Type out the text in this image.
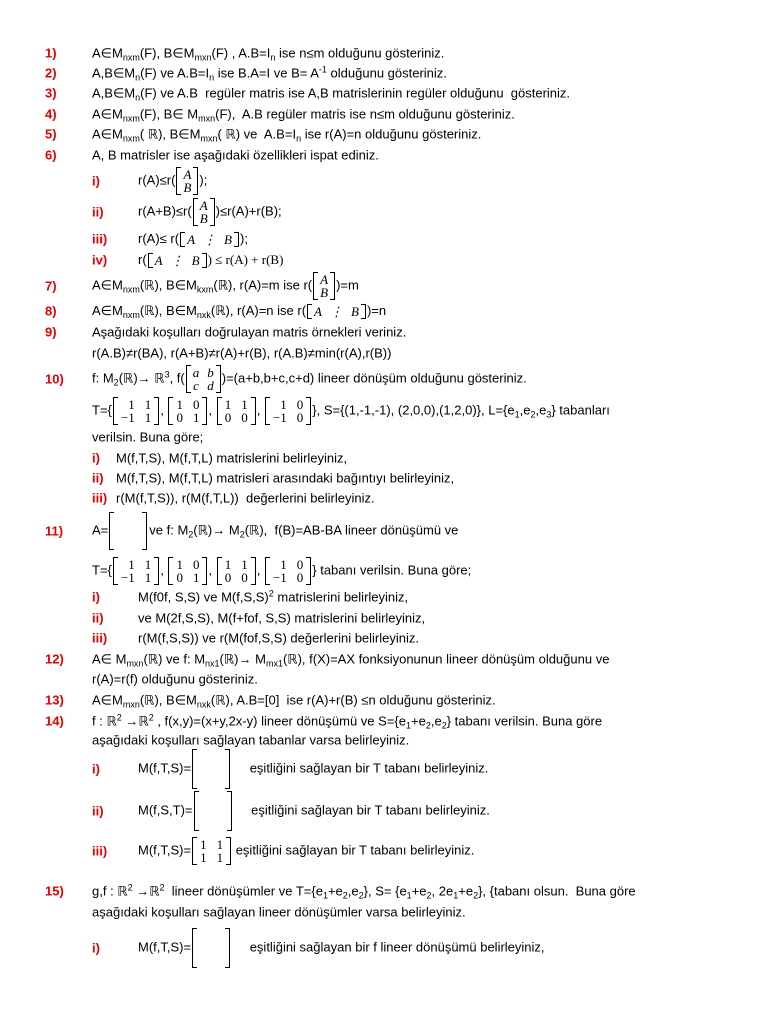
1)	$A\in M_{nxm}(F)$, $B\in M_{mxn}(F)$ , $A.B=I_n$ ise n≤m olduğunu gösteriniz.
2)	$A,B\in M_n(F)$ ve $A.B=I_n$ ise B.A=I ve $B= A^{-1}$ olduğunu gösteriniz.
3)	$A,B\in M_n(F)$ ve A.B  regüler matris ise A,B matrislerinin regüler olduğunu  gösteriniz.
4)	$A\in M_{nxm}(F)$, B∈ $M_{mxn}(F)$,  A.B regüler matris ise n≤m olduğunu gösteriniz.
5)	$A\in M_{nxm}$( ℝ), $B\in M_{mxn}$( ℝ) ve  $A.B=I_n$ ise r(A)=n olduğunu gösteriniz.
6)	A, B matrisler ise aşağıdaki özellikleri ispat ediniz.
i)	r(A)≤r( A
B
);
ii)	r(A+B)≤r( A
B
)≤r(A)+r(B);
iii) r(A)≤ r( A	⋮	B );
iv) r( A	⋮	B ) ≤ r(A) + r(B)
7)	$A\in M_{nxm}(ℝ)$, $B\in M_{kxm}(ℝ)$, r(A)=m ise r( A
B
)=m
8)	$A\in M_{nxm}(ℝ)$, $B\in M_{nxk}(ℝ)$, r(A)=n ise r( A	⋮	B )=n
9)	Aşağıdaki koşulları doğrulayan matris örnekleri veriniz.
r(A.B)≠r(BA), r(A+B)≠r(A)+r(B), r(A.B)≠min(r(A),r(B))
10) f: $M_2(ℝ)\to$ ℝ$^3$, f( a	b
c	d
)=(a+b,b+c,c+d) lineer dönüşüm olduğunu gösteriniz.
T={ 1	1
−1	1
, 1	0
0	1
, 1	1
0	0
, 1	0
−1	0
}, S={(1,-1,-1), (2,0,0),(1,2,0)}, $L=\{e_1,e_2,e_3\}$ tabanları
verilsin. Buna göre;
i) M(f,T,S), M(f,T,L) matrislerini belirleyiniz,
ii) M(f,T,S), M(f,T,L) matrisleri arasındaki bağıntıyı belirleyiniz,
iii) r(M(f,T,S)), r(M(f,T,L))  değerlerini belirleyiniz.
11) A=	ve f: $M_2(ℝ)\to$ $M_2(ℝ)$,  f(B)=AB-BA lineer dönüşümü ve
T={ 1	1
−1	1
, 1	0
0	1
, 1	1
0	0
, 1	0
−1	0
} tabanı verilsin. Buna göre;
i)	M(f0f, S,S) ve $M(f,S,S)^2$ matrislerini belirleyiniz,
ii)	ve M(2f,S,S), M(f+fof, S,S) matrislerini belirleyiniz,
iii) r(M(f,S,S)) ve r(M(fof,S,S) değerlerini belirleyiniz.
12) A∈ $M_{mxn}(ℝ)$ ve f: $M_{nx1}(ℝ)\to$ $M_{mx1}(ℝ)$, f(X)=AX fonksiyonunun lineer dönüşüm olduğunu ve
r(A)=r(f) olduğunu gösteriniz.
13) $A\in M_{mxn}(ℝ)$, $B\in M_{nxk}(ℝ)$, A.B=[0]  ise r(A)+r(B) ≤n olduğunu gösteriniz.
14) f : ℝ$^2$ →ℝ$^2$ , f(x,y)=(x+y,2x-y) lineer dönüşümü ve $S=\{e_1+e_2,e_2\}$ tabanı verilsin. Buna göre
aşağıdaki koşulları sağlayan tabanlar varsa belirleyiniz.
i)	M(f,T,S)=	eşitliğini sağlayan bir T tabanı belirleyiniz.
ii)	M(f,S,T)=	eşitliğini sağlayan bir T tabanı belirleyiniz.
iii) M(f,T,S)= 1	1
1	1
eşitliğini sağlayan bir T tabanı belirleyiniz.
15) g,f : ℝ$^2$ →ℝ$^2$  lineer dönüşümler ve $T=\{e_1+e_2,e_2\}$, $S= \{e_1+e_2$, $2e_1+e_2$}, {tabanı olsun.  Buna göre
aşağıdaki koşulları sağlayan lineer dönüşümler varsa belirleyiniz.
i)	M(f,T,S)=	eşitliğini sağlayan bir f lineer dönüşümü belirleyiniz,
